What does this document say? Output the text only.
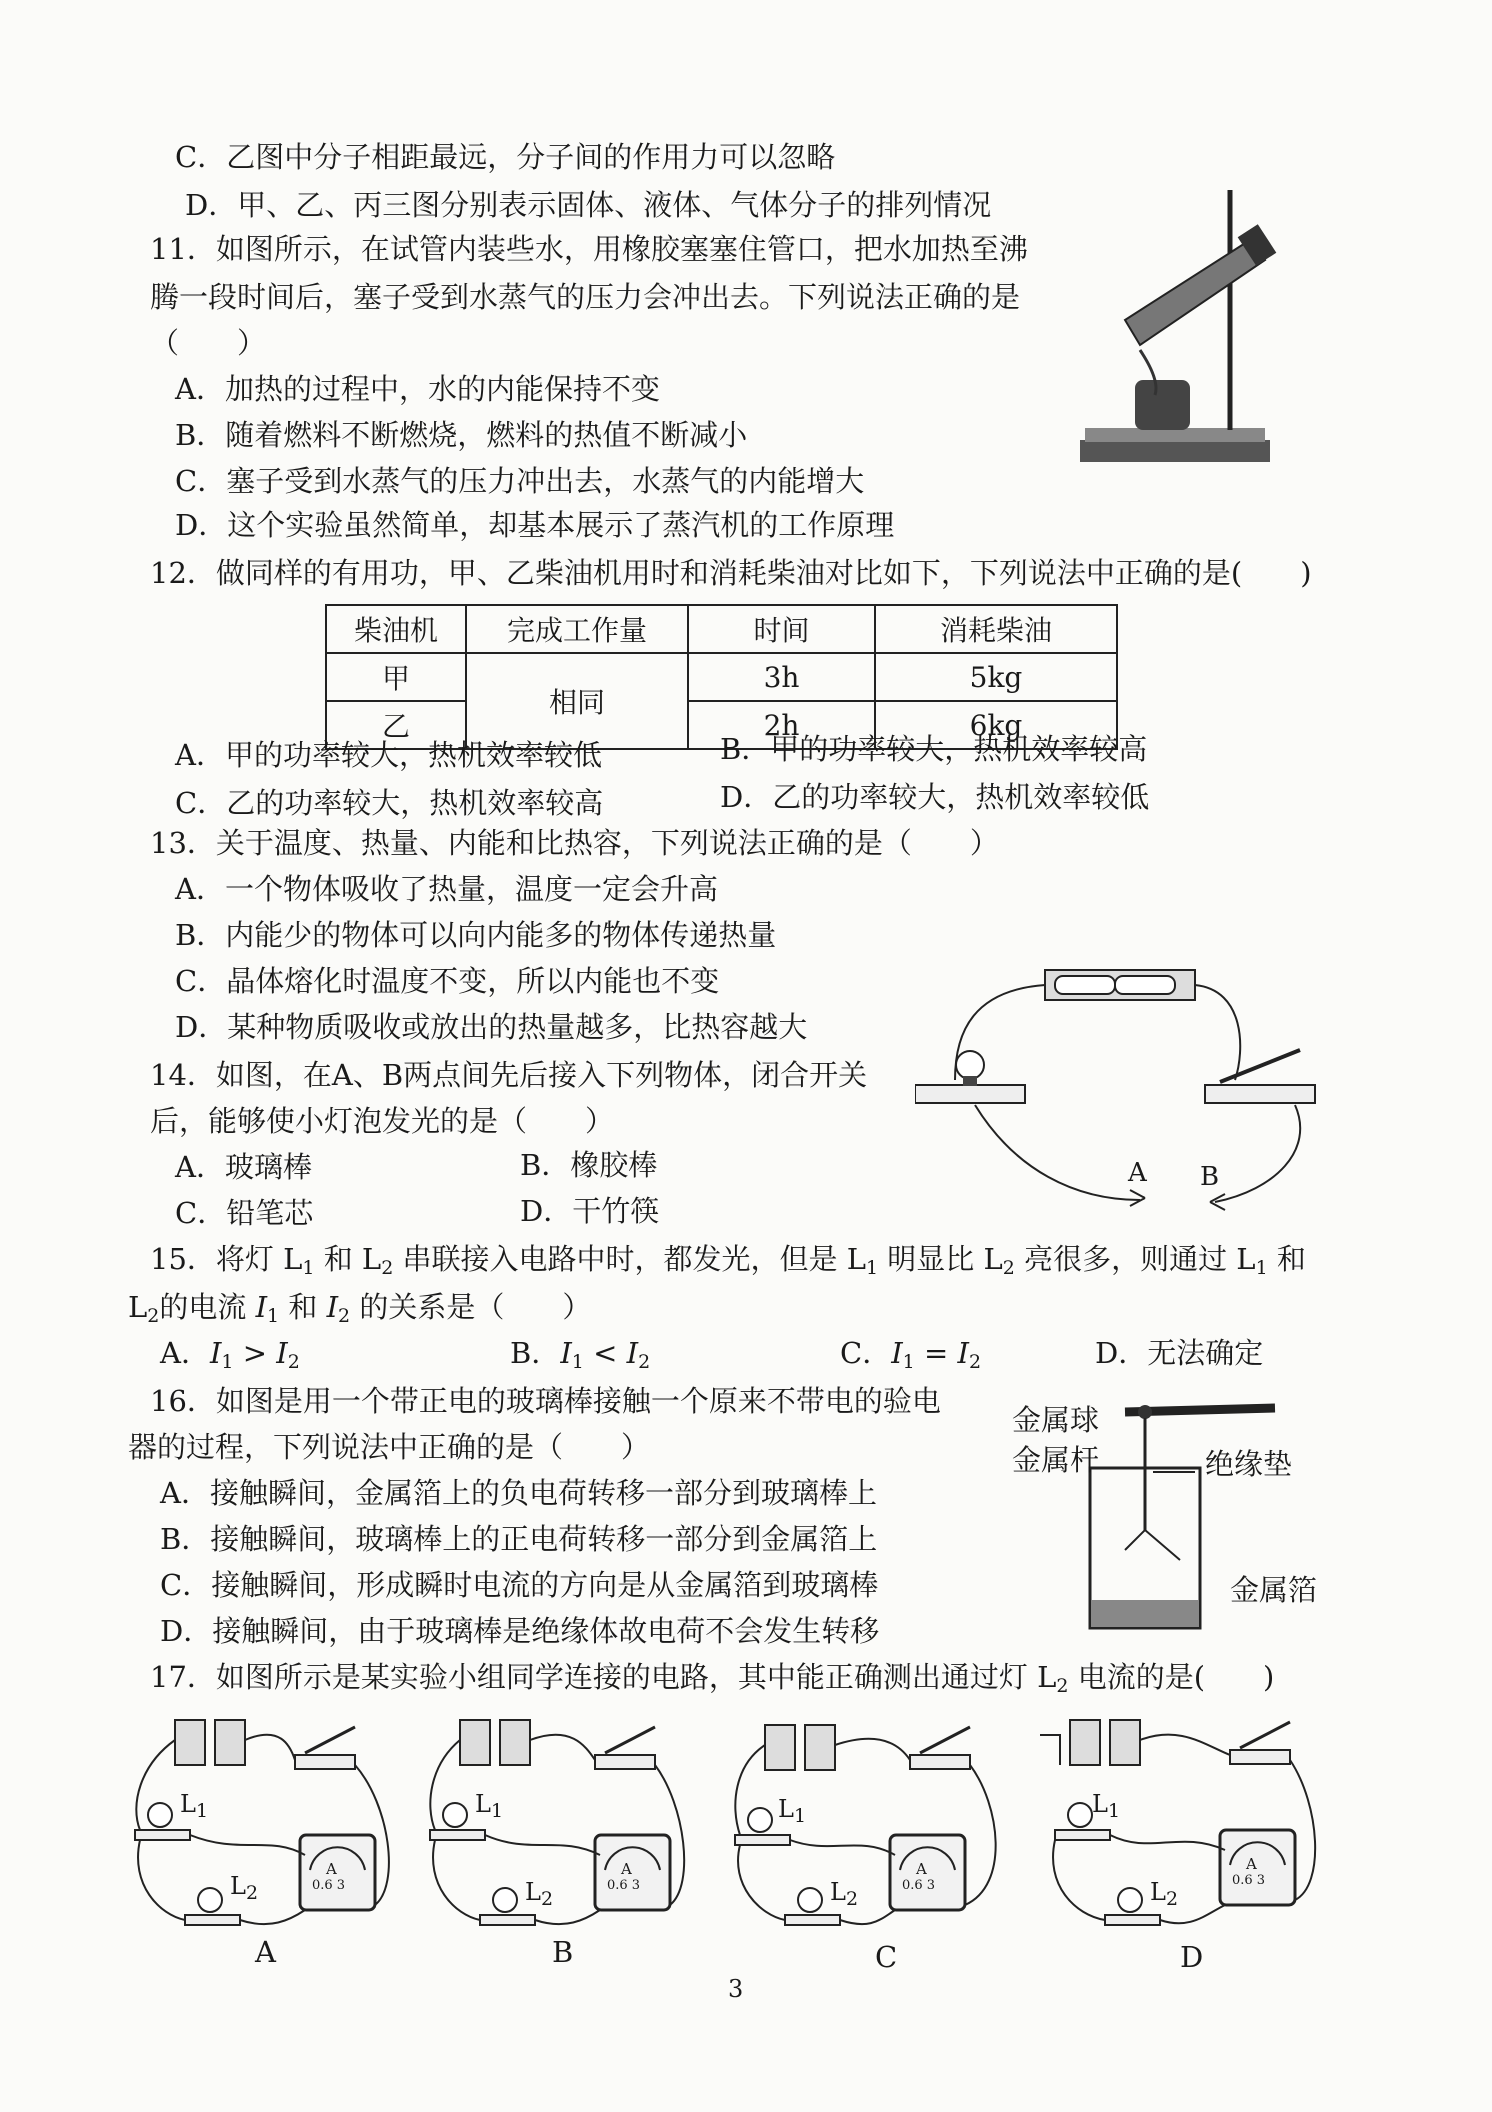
C．乙图中分子相距最远，分子间的作用力可以忽略
D．甲、乙、丙三图分别表示固体、液体、气体分子的排列情况
11．如图所示，在试管内装些水，用橡胶塞塞住管口，把水加热至沸
腾一段时间后，塞子受到水蒸气的压力会冲出去。下列说法正确的是
（　　）
A．加热的过程中，水的内能保持不变
B．随着燃料不断燃烧，燃料的热值不断减小
C．塞子受到水蒸气的压力冲出去，水蒸气的内能增大
D．这个实验虽然简单，却基本展示了蒸汽机的工作原理
12．做同样的有用功，甲、乙柴油机用时和消耗柴油对比如下，下列说法中正确的是(　　)
柴油机	完成工作量	时间	消耗柴油
甲	相同	3h	5kg
乙		2h	6kg
A．甲的功率较大，热机效率较低	B．甲的功率较大，热机效率较高
C．乙的功率较大，热机效率较高	D．乙的功率较大，热机效率较低
13．关于温度、热量、内能和比热容，下列说法正确的是（　　）
A．一个物体吸收了热量，温度一定会升高
B．内能少的物体可以向内能多的物体传递热量
C．晶体熔化时温度不变，所以内能也不变
D．某种物质吸收或放出的热量越多，比热容越大
A B
14．如图，在A、B两点间先后接入下列物体，闭合开关
后，能够使小灯泡发光的是（　　）
A．玻璃棒	B．橡胶棒
C．铅笔芯	D．干竹筷
15．将灯 $L_1$ 和 $L_2$ 串联接入电路中时，都发光，但是 $L_1$ 明显比 $L_2$ 亮很多，则通过 $L_1$ 和
$L_2$的电流 $I_1$ 和 $I_2$ 的关系是（　　）
A．$I_1 > I_2$	B．$I_1 < I_2$	C．$I_1 = I_2$	D．无法确定
16．如图是用一个带正电的玻璃棒接触一个原来不带电的验电
器的过程，下列说法中正确的是（　　）
A．接触瞬间，金属箔上的负电荷转移一部分到玻璃棒上
B．接触瞬间，玻璃棒上的正电荷转移一部分到金属箔上
C．接触瞬间，形成瞬时电流的方向是从金属箔到玻璃棒
D．接触瞬间，由于玻璃棒是绝缘体故电荷不会发生转移
金属球
金属杆	绝缘垫
金属箔
17．如图所示是某实验小组同学连接的电路，其中能正确测出通过灯 $L_2$ 电流的是(　　)
$L_1$
$L_2$
$L_1$
$L_2$
$L_1$
$L_2$
$L_1$
$L_2$
A
0.6 3
A
0.6 3
A
0.6 3
A
0.6 3
A	B	C	D
3
